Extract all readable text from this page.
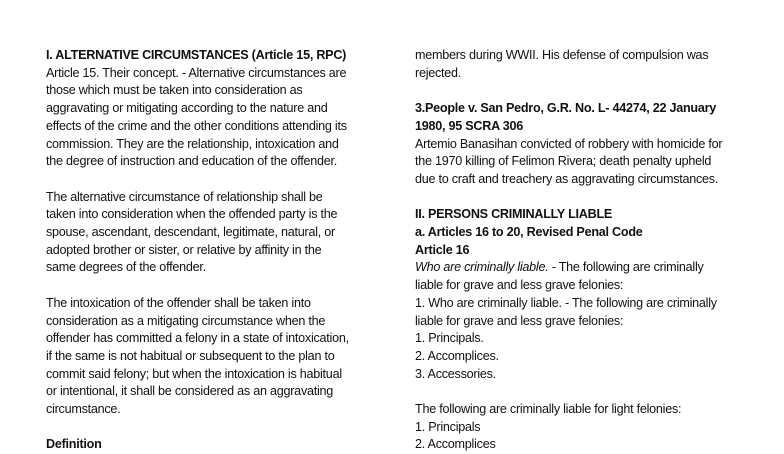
I. ALTERNATIVE CIRCUMSTANCES (Article 15, RPC)
Article 15. Their concept. - Alternative circumstances are
those which must be taken into consideration as
aggravating or mitigating according to the nature and
effects of the crime and the other conditions attending its
commission. They are the relationship, intoxication and
the degree of instruction and education of the offender.
The alternative circumstance of relationship shall be
taken into consideration when the offended party is the
spouse, ascendant, descendant, legitimate, natural, or
adopted brother or sister, or relative by affinity in the
same degrees of the offender.
The intoxication of the offender shall be taken into
consideration as a mitigating circumstance when the
offender has committed a felony in a state of intoxication,
if the same is not habitual or subsequent to the plan to
commit said felony; but when the intoxication is habitual
or intentional, it shall be considered as an aggravating
circumstance.
Definition
members during WWII. His defense of compulsion was
rejected.
3.People v. San Pedro, G.R. No. L- 44274, 22 January
1980, 95 SCRA 306
Artemio Banasihan convicted of robbery with homicide for
the 1970 killing of Felimon Rivera; death penalty upheld
due to craft and treachery as aggravating circumstances.
II. PERSONS CRIMINALLY LIABLE
a. Articles 16 to 20, Revised Penal Code
Article 16
Who are criminally liable. - The following are criminally
liable for grave and less grave felonies:
1. Who are criminally liable. - The following are criminally
liable for grave and less grave felonies:
1. Principals.
2. Accomplices.
3. Accessories.
The following are criminally liable for light felonies:
1. Principals
2. Accomplices
